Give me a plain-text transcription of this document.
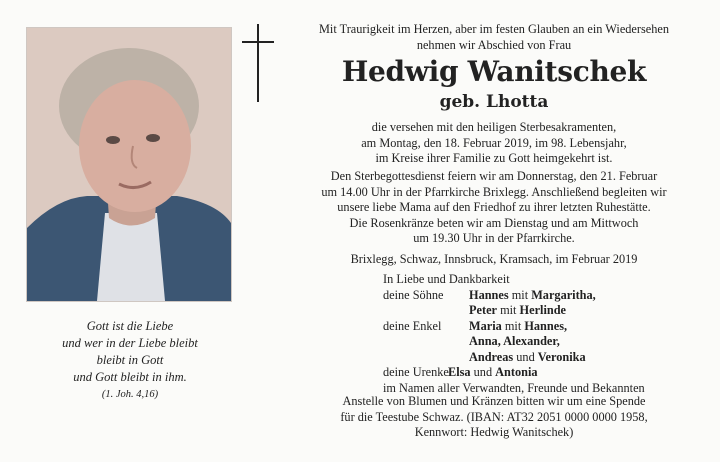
Gott ist die Liebe
und wer in der Liebe bleibt
bleibt in Gott
und Gott bleibt in ihm.
(1. Joh. 4,16)
Mit Traurigkeit im Herzen, aber im festen Glauben an ein Wiedersehen
nehmen wir Abschied von Frau
Hedwig Wanitschek
geb. Lhotta
die versehen mit den heiligen Sterbesakramenten,
am Montag, den 18. Februar 2019, im 98. Lebensjahr,
im Kreise ihrer Familie zu Gott heimgekehrt ist.
Den Sterbegottesdienst feiern wir am Donnerstag, den 21. Februar
um 14.00 Uhr in der Pfarrkirche Brixlegg. Anschließend begleiten wir
unsere liebe Mama auf den Friedhof zu ihrer letzten Ruhestätte.
Die Rosenkränze beten wir am Dienstag und am Mittwoch
um 19.30 Uhr in der Pfarrkirche.
Brixlegg, Schwaz, Innsbruck, Kramsach, im Februar 2019
In Liebe und Dankbarkeit
deine Söhne Hannes mit Margaritha,
Peter mit Herlinde
deine Enkel Maria mit Hannes,
Anna, Alexander,
Andreas und Veronika
deine Urenkel
Elsa und Antonia
im Namen aller Verwandten, Freunde und Bekannten
Anstelle von Blumen und Kränzen bitten wir um eine Spende
für die Teestube Schwaz. (IBAN: AT32 2051 0000 0000 1958,
Kennwort: Hedwig Wanitschek)
